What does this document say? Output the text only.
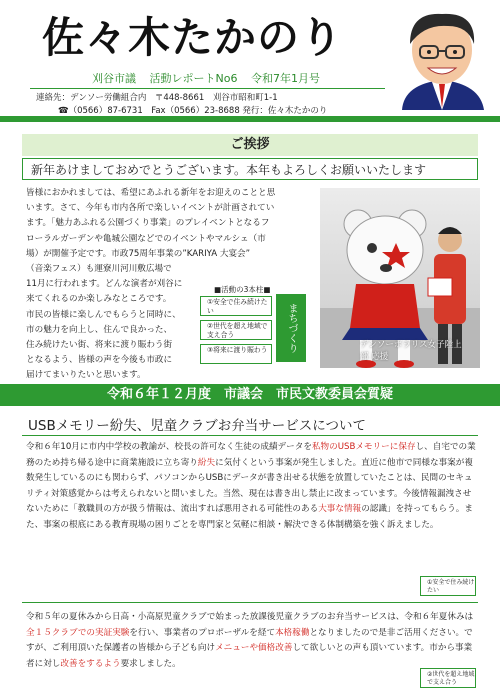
佐々木たかのり
刈谷市議 活動レポートNo6 令和7年1月号
連絡先：デンソー労働組合内　〒448-8661　刈谷市昭和町1-1
☎（0566）87-6731　Fax（0566）23-8688 発行：佐々木たかのり
ご挨拶
新年あけましておめでとうございます。本年もよろしくお願いいたします
皆様におかれましては、希望にあふれる新年をお迎えのことと思
います。さて、今年も市内各所で楽しいイベントが計画されてい
ます。「魅力あふれる公園づくり事業」のプレイベントとなるフ
ローラルガーデンや亀城公園などでのイベントやマルシェ（市
場）が開催予定です。市政75周年事業の”KARIYA 大宴会”
（音楽フェス）も運寮川河川敷広場で
11月に行われます。どんな演者が刈谷に
来てくれるのか楽しみなところです。
市民の皆様に楽しんでもらうと同時に、
市の魅力を向上し、住んで良かった、
住み続けたい街、将来に渡り賑わう街
となるよう、皆様の声を今後も市政に
届けてまいりたいと思います。
■活動の3本柱■
①安全で住み続けたい
②世代を超え地域で支え合う
③将来に渡り賑わう	まちづくり	デンソーボラリス女子陸上部 応援
令和６年１２月度　市議会　市民文教委員会質疑
USBメモリー紛失、児童クラブお弁当サービスについて
令和６年10月に市内中学校の教諭が、校長の許可なく生徒の成績データを私物のUSBメモリーに保存し、自宅での業務のため持ち帰る途中に商業施設に立ち寄り紛失に気付くという事案が発生しました。直近に他市で同様な事案が複数発生しているのにも関わらず、パソコンからUSBにデータが書き出せる状態を放置していたことは、民間のセキュリティ対策感覚からは考えられないと問いました。当然、現在は書き出し禁止に改まっています。今後情報漏洩させないために「教職員の方が扱う情報は、流出すれば悪用される可能性のある大事な情報の認識」を持ってもらう。また、事案の根底にある教育現場の困りごとを専門家と気軽に相談・解決できる体制構築を強く訴えました。
①安全で住み続けたい
令和５年の夏休みから日高・小高原児童クラブで始まった放課後児童クラブのお弁当サービスは、令和６年夏休みは全１５クラブでの実証実験を行い、事業者のプロポーザルを経て本格稼働となりましたので是非ご活用ください。ですが、ご利用頂いた保護者の皆様から子ども向けメニューや価格改善して欲しいとの声も頂いています。市から事業者に対し改善をするよう要求しました。
②世代を超え地域で支え合う
